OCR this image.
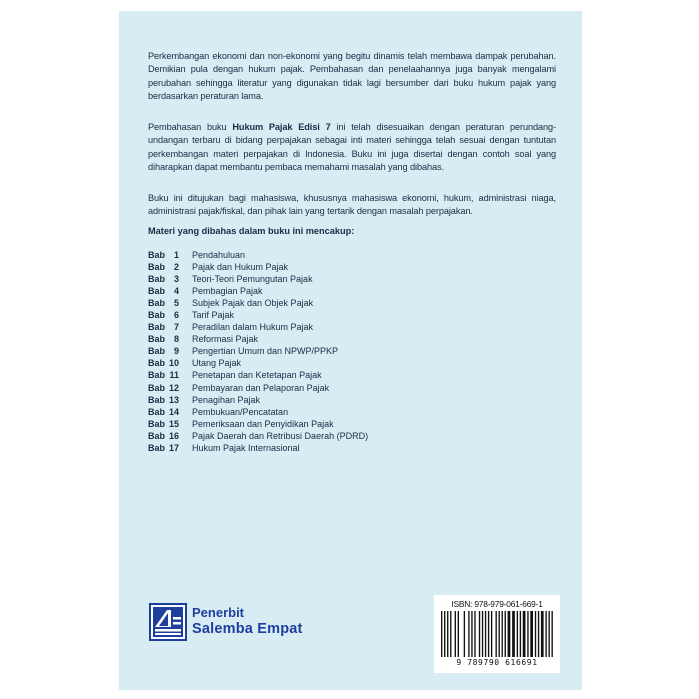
Perkembangan ekonomi dan non-ekonomi yang begitu dinamis telah membawa dampak perubahan. Demikian pula dengan hukum pajak. Pembahasan dan penelaahannya juga banyak mengalami perubahan sehingga literatur yang digunakan tidak lagi bersumber dari buku hukum pajak yang berdasarkan peraturan lama.

Pembahasan buku Hukum Pajak Edisi 7 ini telah disesuaikan dengan peraturan perundang-undangan terbaru di bidang perpajakan sebagai inti materi sehingga telah sesuai dengan tuntutan perkembangan materi perpajakan di Indonesia. Buku ini juga disertai dengan contoh soal yang diharapkan dapat membantu pembaca memahami masalah yang dibahas.

Buku ini ditujukan bagi mahasiswa, khususnya mahasiswa ekonomi, hukum, administrasi niaga, administrasi pajak/fiskal, dan pihak lain yang tertarik dengan masalah perpajakan.

Materi yang dibahas dalam buku ini mencakup:

Bab 1 Pendahuluan
Bab 2 Pajak dan Hukum Pajak
Bab 3 Teori-Teori Pemungutan Pajak
Bab 4 Pembagian Pajak
Bab 5 Subjek Pajak dan Objek Pajak
Bab 6 Tarif Pajak
Bab 7 Peradilan dalam Hukum Pajak
Bab 8 Reformasi Pajak
Bab 9 Pengertian Umum dan NPWP/PPKP
Bab 10 Utang Pajak
Bab 11 Penetapan dan Ketetapan Pajak
Bab 12 Pembayaran dan Pelaporan Pajak
Bab 13 Penagihan Pajak
Bab 14 Pembukuan/Pencatatan
Bab 15 Pemeriksaan dan Penyidikan Pajak
Bab 16 Pajak Daerah dan Retribusi Daerah (PDRD)
Bab 17 Hukum Pajak Internasional
Penerbit
Salemba Empat
ISBN: 978-979-061-669-1
9 789790 616691
